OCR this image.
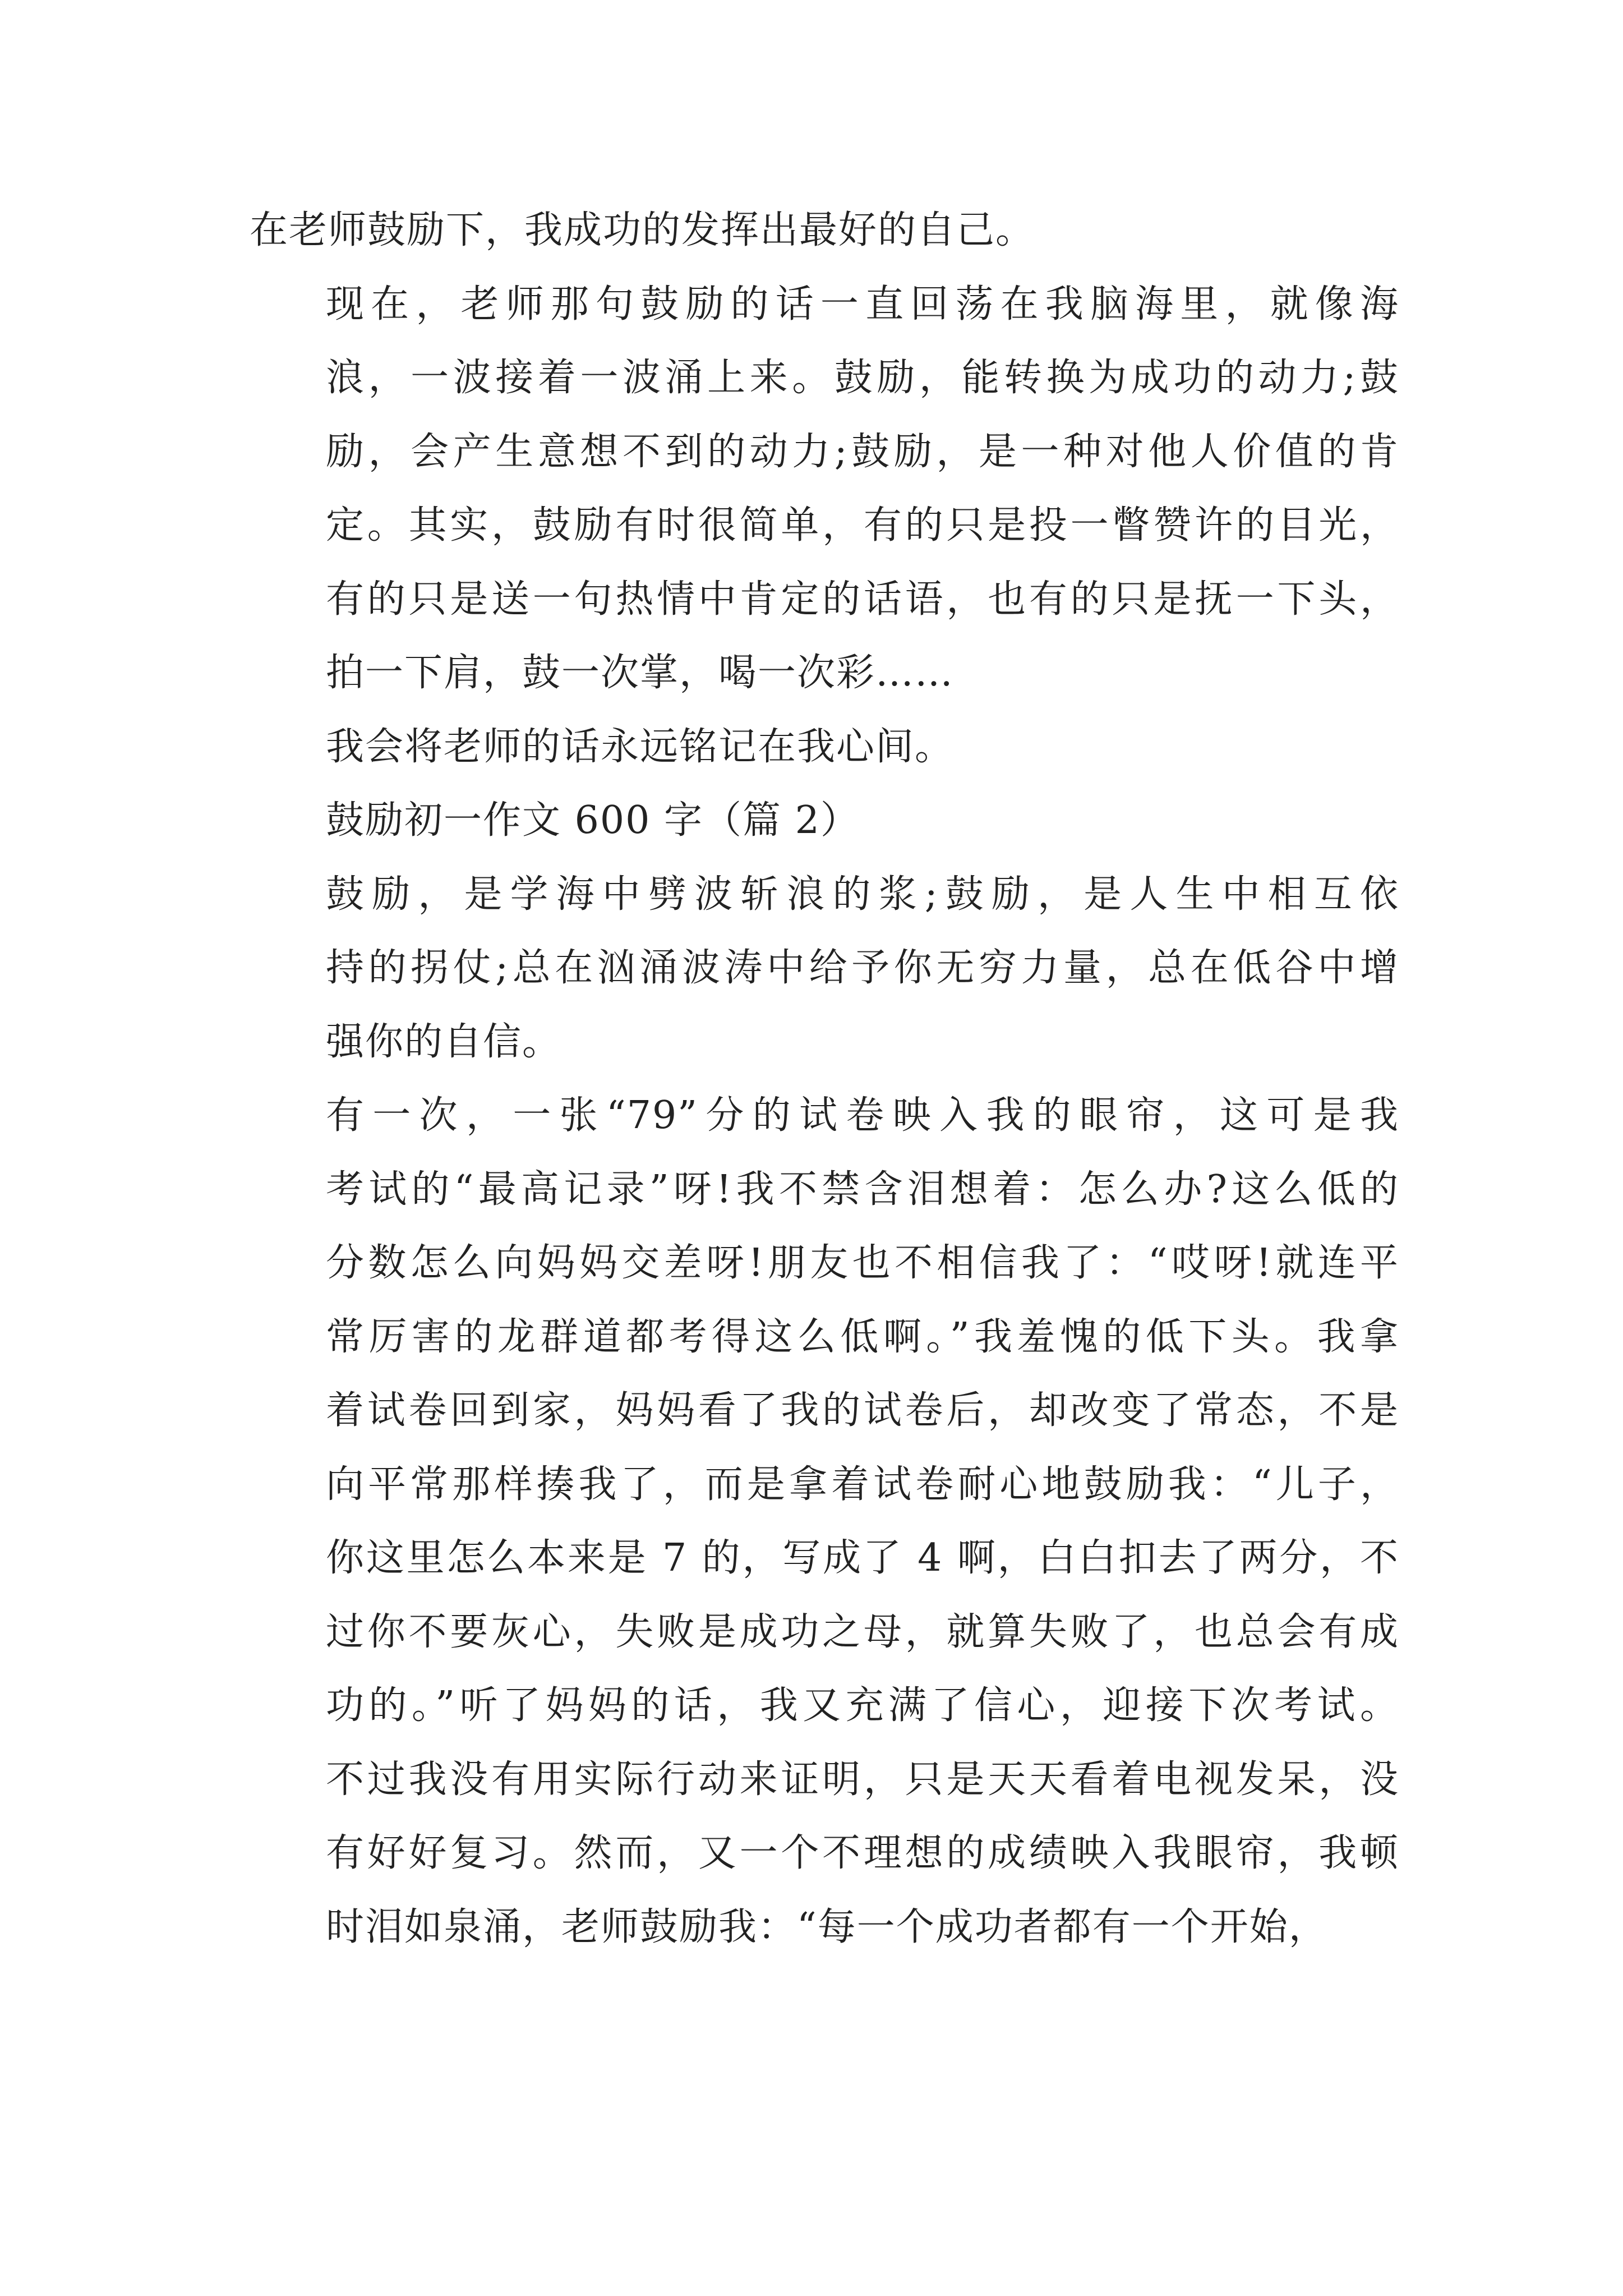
在老师鼓励下，我成功的发挥出最好的自己。
现在，老师那句鼓励的话一直回荡在我脑海里，就像海
浪，一波接着一波涌上来。鼓励，能转换为成功的动力;鼓
励，会产生意想不到的动力;鼓励，是一种对他人价值的肯
定。其实，鼓励有时很简单，有的只是投一瞥赞许的目光，
有的只是送一句热情中肯定的话语，也有的只是抚一下头，
拍一下肩，鼓一次掌，喝一次彩……
我会将老师的话永远铭记在我心间。
鼓励初一作文 600 字（篇 2）
鼓励，是学海中劈波斩浪的浆;鼓励，是人生中相互依
持的拐仗;总在汹涌波涛中给予你无穷力量，总在低谷中增
强你的自信。
有一次，一张“79”分的试卷映入我的眼帘，这可是我
考试的“最高记录”呀!我不禁含泪想着：怎么办?这么低的
分数怎么向妈妈交差呀!朋友也不相信我了：“哎呀!就连平
常厉害的龙群道都考得这么低啊。”我羞愧的低下头。我拿
着试卷回到家，妈妈看了我的试卷后，却改变了常态，不是
向平常那样揍我了，而是拿着试卷耐心地鼓励我：“儿子，
你这里怎么本来是 7 的，写成了 4 啊，白白扣去了两分，不
过你不要灰心，失败是成功之母，就算失败了，也总会有成
功的。”听了妈妈的话，我又充满了信心，迎接下次考试。
不过我没有用实际行动来证明，只是天天看着电视发呆，没
有好好复习。然而，又一个不理想的成绩映入我眼帘，我顿
时泪如泉涌，老师鼓励我：“每一个成功者都有一个开始，
